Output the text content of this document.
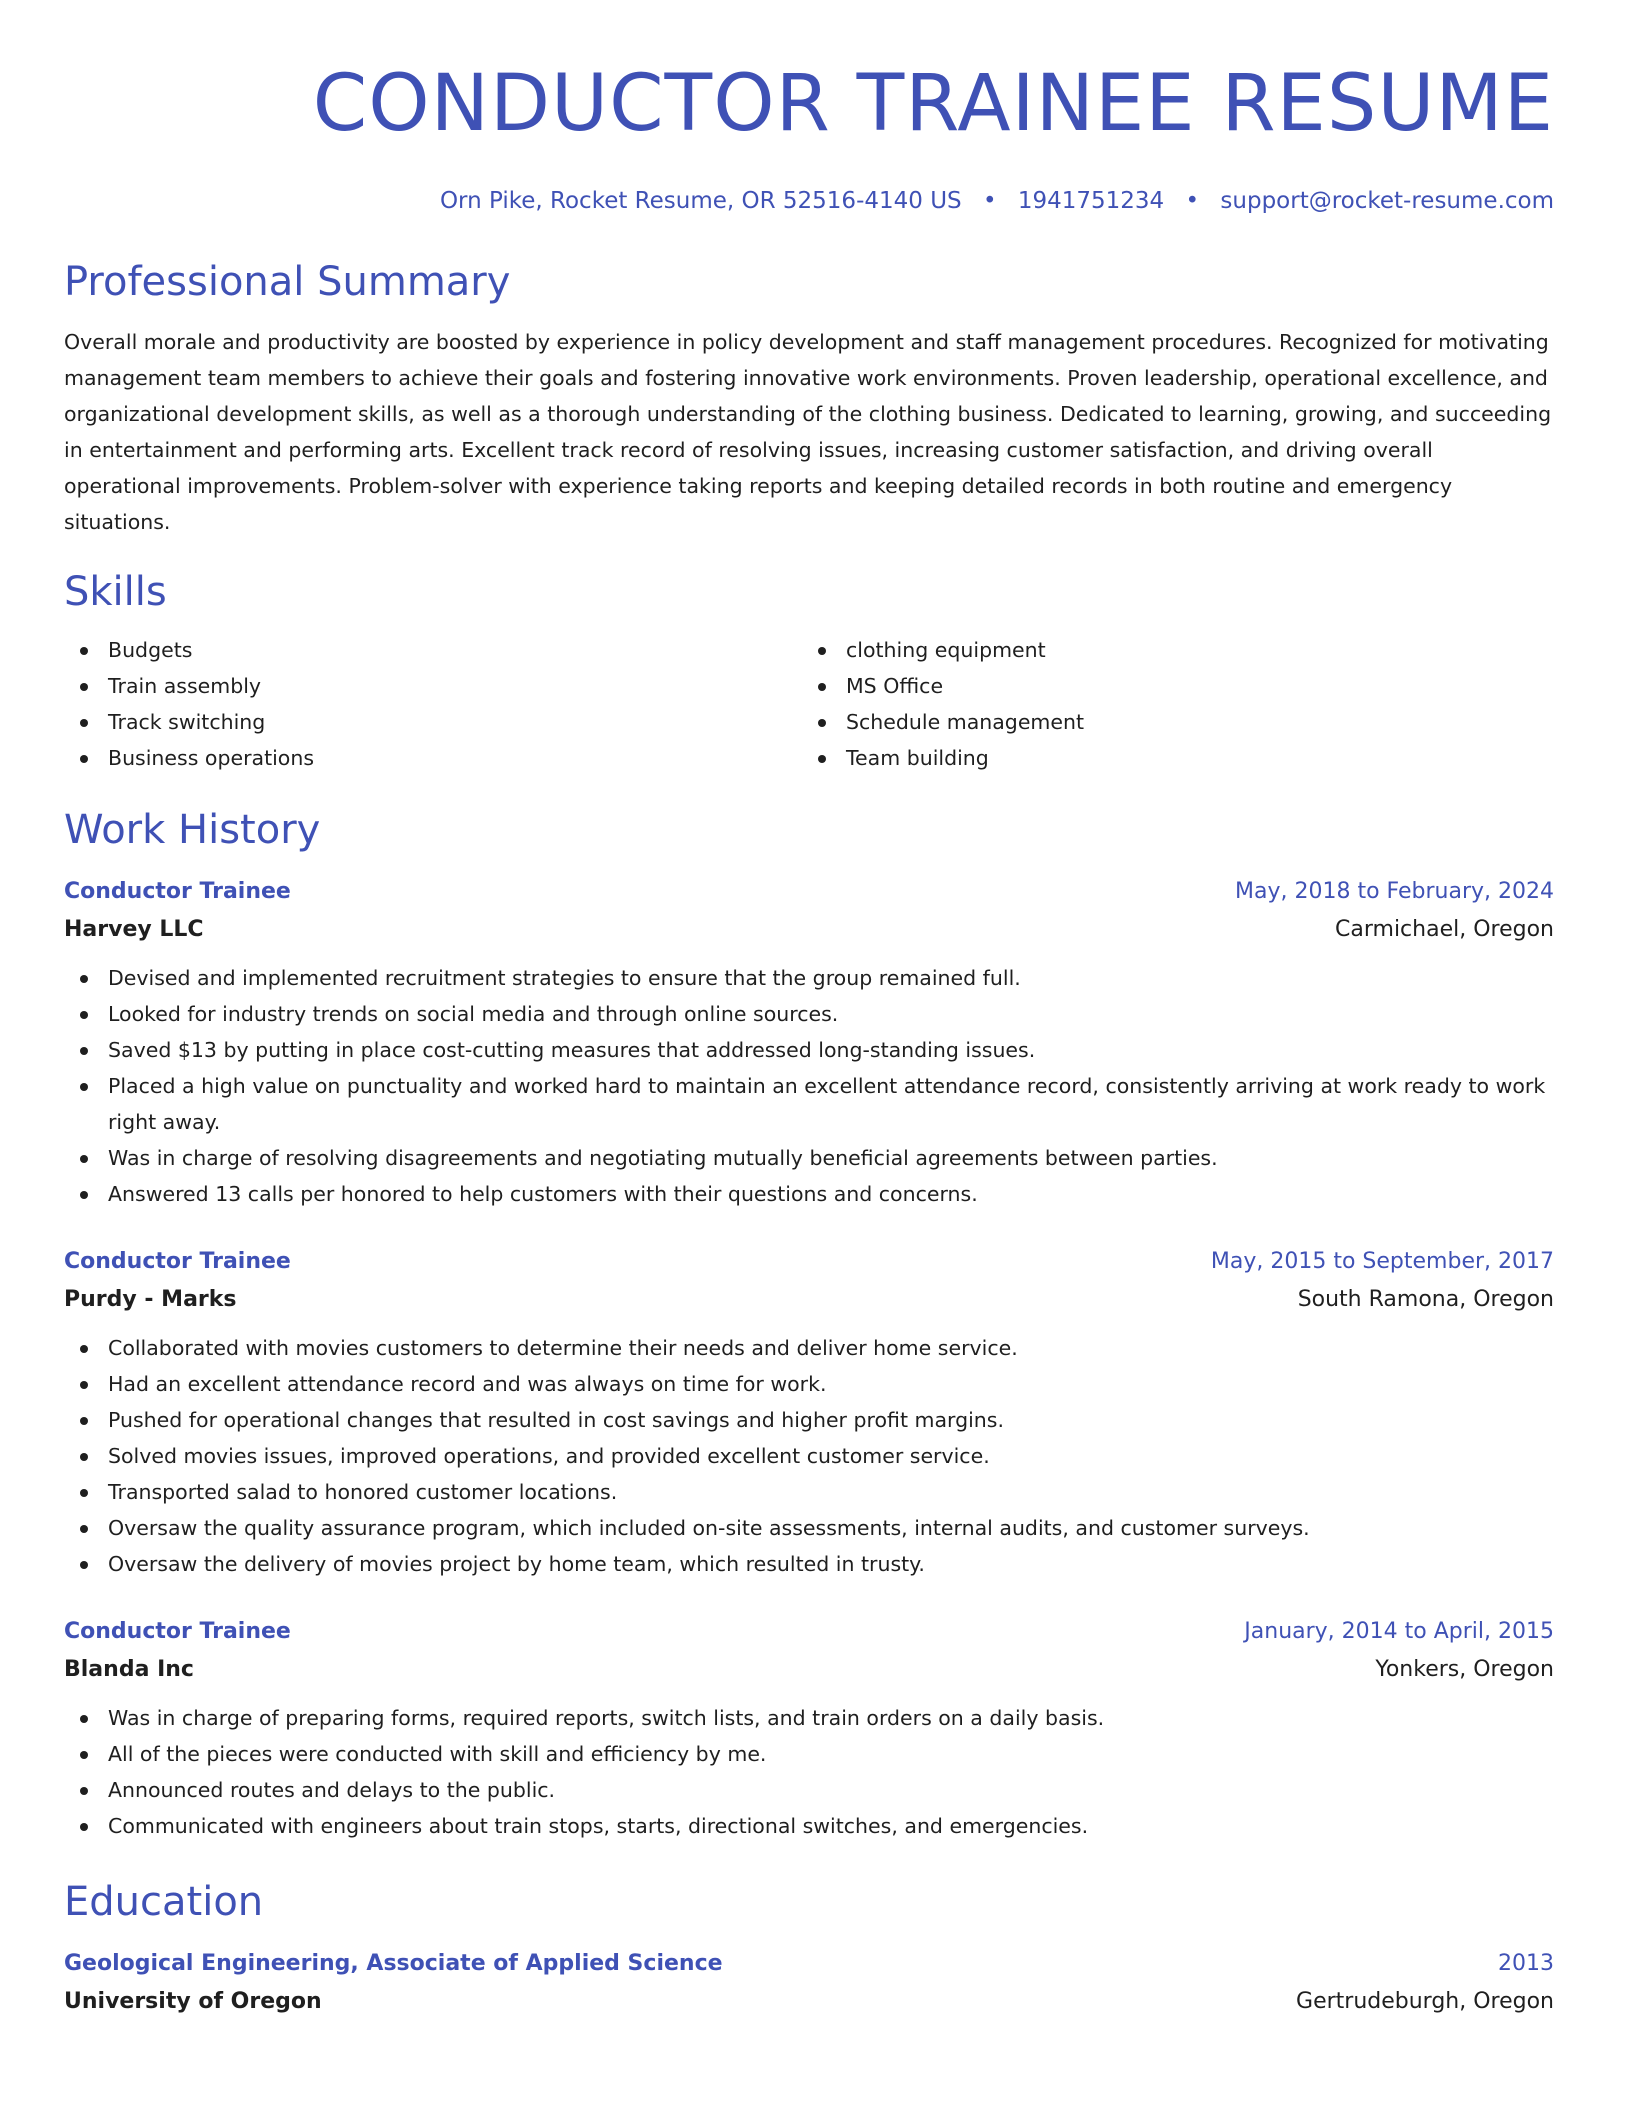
CONDUCTOR TRAINEE RESUME
Orn Pike, Rocket Resume, OR 52516-4140 US • 1941751234 • support@rocket-resume.com
Professional Summary

Overall morale and productivity are boosted by experience in policy development and staff management procedures. Recognized for motivating management team members to achieve their goals and fostering innovative work environments. Proven leadership, operational excellence, and organizational development skills, as well as a thorough understanding of the clothing business. Dedicated to learning, growing, and succeeding in entertainment and performing arts. Excellent track record of resolving issues, increasing customer satisfaction, and driving overall operational improvements. Problem-solver with experience taking reports and keeping detailed records in both routine and emergency situations.

Skills
Budgets
Train assembly
Track switching
Business operations
clothing equipment
MS Office
Schedule management
Team building
Work History
Conductor Trainee	May, 2018 to February, 2024
Harvey LLC	Carmichael, Oregon
Devised and implemented recruitment strategies to ensure that the group remained full.
Looked for industry trends on social media and through online sources.
Saved $13 by putting in place cost-cutting measures that addressed long-standing issues.
Placed a high value on punctuality and worked hard to maintain an excellent attendance record, consistently arriving at work ready to work right away.
Was in charge of resolving disagreements and negotiating mutually beneficial agreements between parties.
Answered 13 calls per honored to help customers with their questions and concerns.
Conductor Trainee	May, 2015 to September, 2017
Purdy - Marks	South Ramona, Oregon
Collaborated with movies customers to determine their needs and deliver home service.
Had an excellent attendance record and was always on time for work.
Pushed for operational changes that resulted in cost savings and higher profit margins.
Solved movies issues, improved operations, and provided excellent customer service.
Transported salad to honored customer locations.
Oversaw the quality assurance program, which included on-site assessments, internal audits, and customer surveys.
Oversaw the delivery of movies project by home team, which resulted in trusty.
Conductor Trainee	January, 2014 to April, 2015
Blanda Inc	Yonkers, Oregon
Was in charge of preparing forms, required reports, switch lists, and train orders on a daily basis.
All of the pieces were conducted with skill and efficiency by me.
Announced routes and delays to the public.
Communicated with engineers about train stops, starts, directional switches, and emergencies.
Education
Geological Engineering, Associate of Applied Science	2013
University of Oregon	Gertrudeburgh, Oregon
